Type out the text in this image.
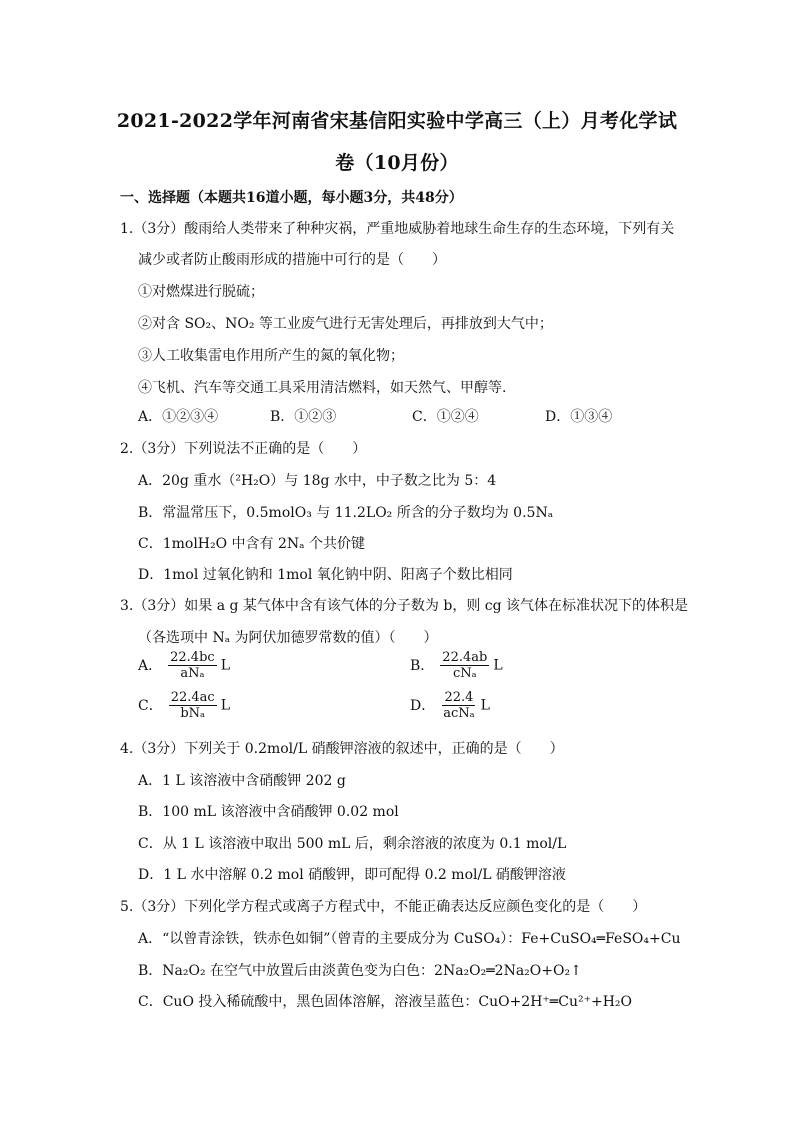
2021-2022学年河南省宋基信阳实验中学高三（上）月考化学试
卷（10月份）
一、选择题（本题共16道小题，每小题3分，共48分）
1.（3分）酸雨给人类带来了种种灾祸，严重地威胁着地球生命生存的生态环境，下列有关
减少或者防止酸雨形成的措施中可行的是（　　）
①对燃煤进行脱硫；
②对含 SO₂、NO₂ 等工业废气进行无害处理后，再排放到大气中；
③人工收集雷电作用所产生的氮的氧化物；
④飞机、汽车等交通工具采用清洁燃料，如天然气、甲醇等.
A．①②③④	B．①②③	C．①②④	D．①③④
2.（3分）下列说法不正确的是（　　）
A．20g 重水（²H₂O）与 18g 水中，中子数之比为 5：4
B．常温常压下，0.5molO₃ 与 11.2LO₂ 所含的分子数均为 0.5Nₐ
C．1molH₂O 中含有 2Nₐ 个共价键
D．1mol 过氧化钠和 1mol 氧化钠中阴、阳离子个数比相同
3.（3分）如果 a g 某气体中含有该气体的分子数为 b，则 cg 该气体在标准状况下的体积是
（各选项中 Nₐ 为阿伏加德罗常数的值）（　　）
A． $\frac{22.4bc}{\text{aNₐ}}$ L	B． $\frac{22.4ab}{\text{cNₐ}}$ L
C． $\frac{22.4ac}{\text{bNₐ}}$ L	D． $\frac{22.4}{\text{acNₐ}}$ L
4.（3分）下列关于 0.2mol/L 硝酸钾溶液的叙述中，正确的是（　　）
A．1 L 该溶液中含硝酸钾 202 g
B．100 mL 该溶液中含硝酸钾 0.02 mol
C．从 1 L 该溶液中取出 500 mL 后，剩余溶液的浓度为 0.1 mol/L
D．1 L 水中溶解 0.2 mol 硝酸钾，即可配得 0.2 mol/L 硝酸钾溶液
5.（3分）下列化学方程式或离子方程式中，不能正确表达反应颜色变化的是（　　）
A．“以曾青涂铁，铁赤色如铜”（曾青的主要成分为 CuSO₄）：Fe+CuSO₄═FeSO₄+Cu
B．Na₂O₂ 在空气中放置后由淡黄色变为白色：2Na₂O₂═2Na₂O+O₂↑
C．CuO 投入稀硫酸中，黑色固体溶解，溶液呈蓝色：CuO+2H⁺═Cu²⁺+H₂O
